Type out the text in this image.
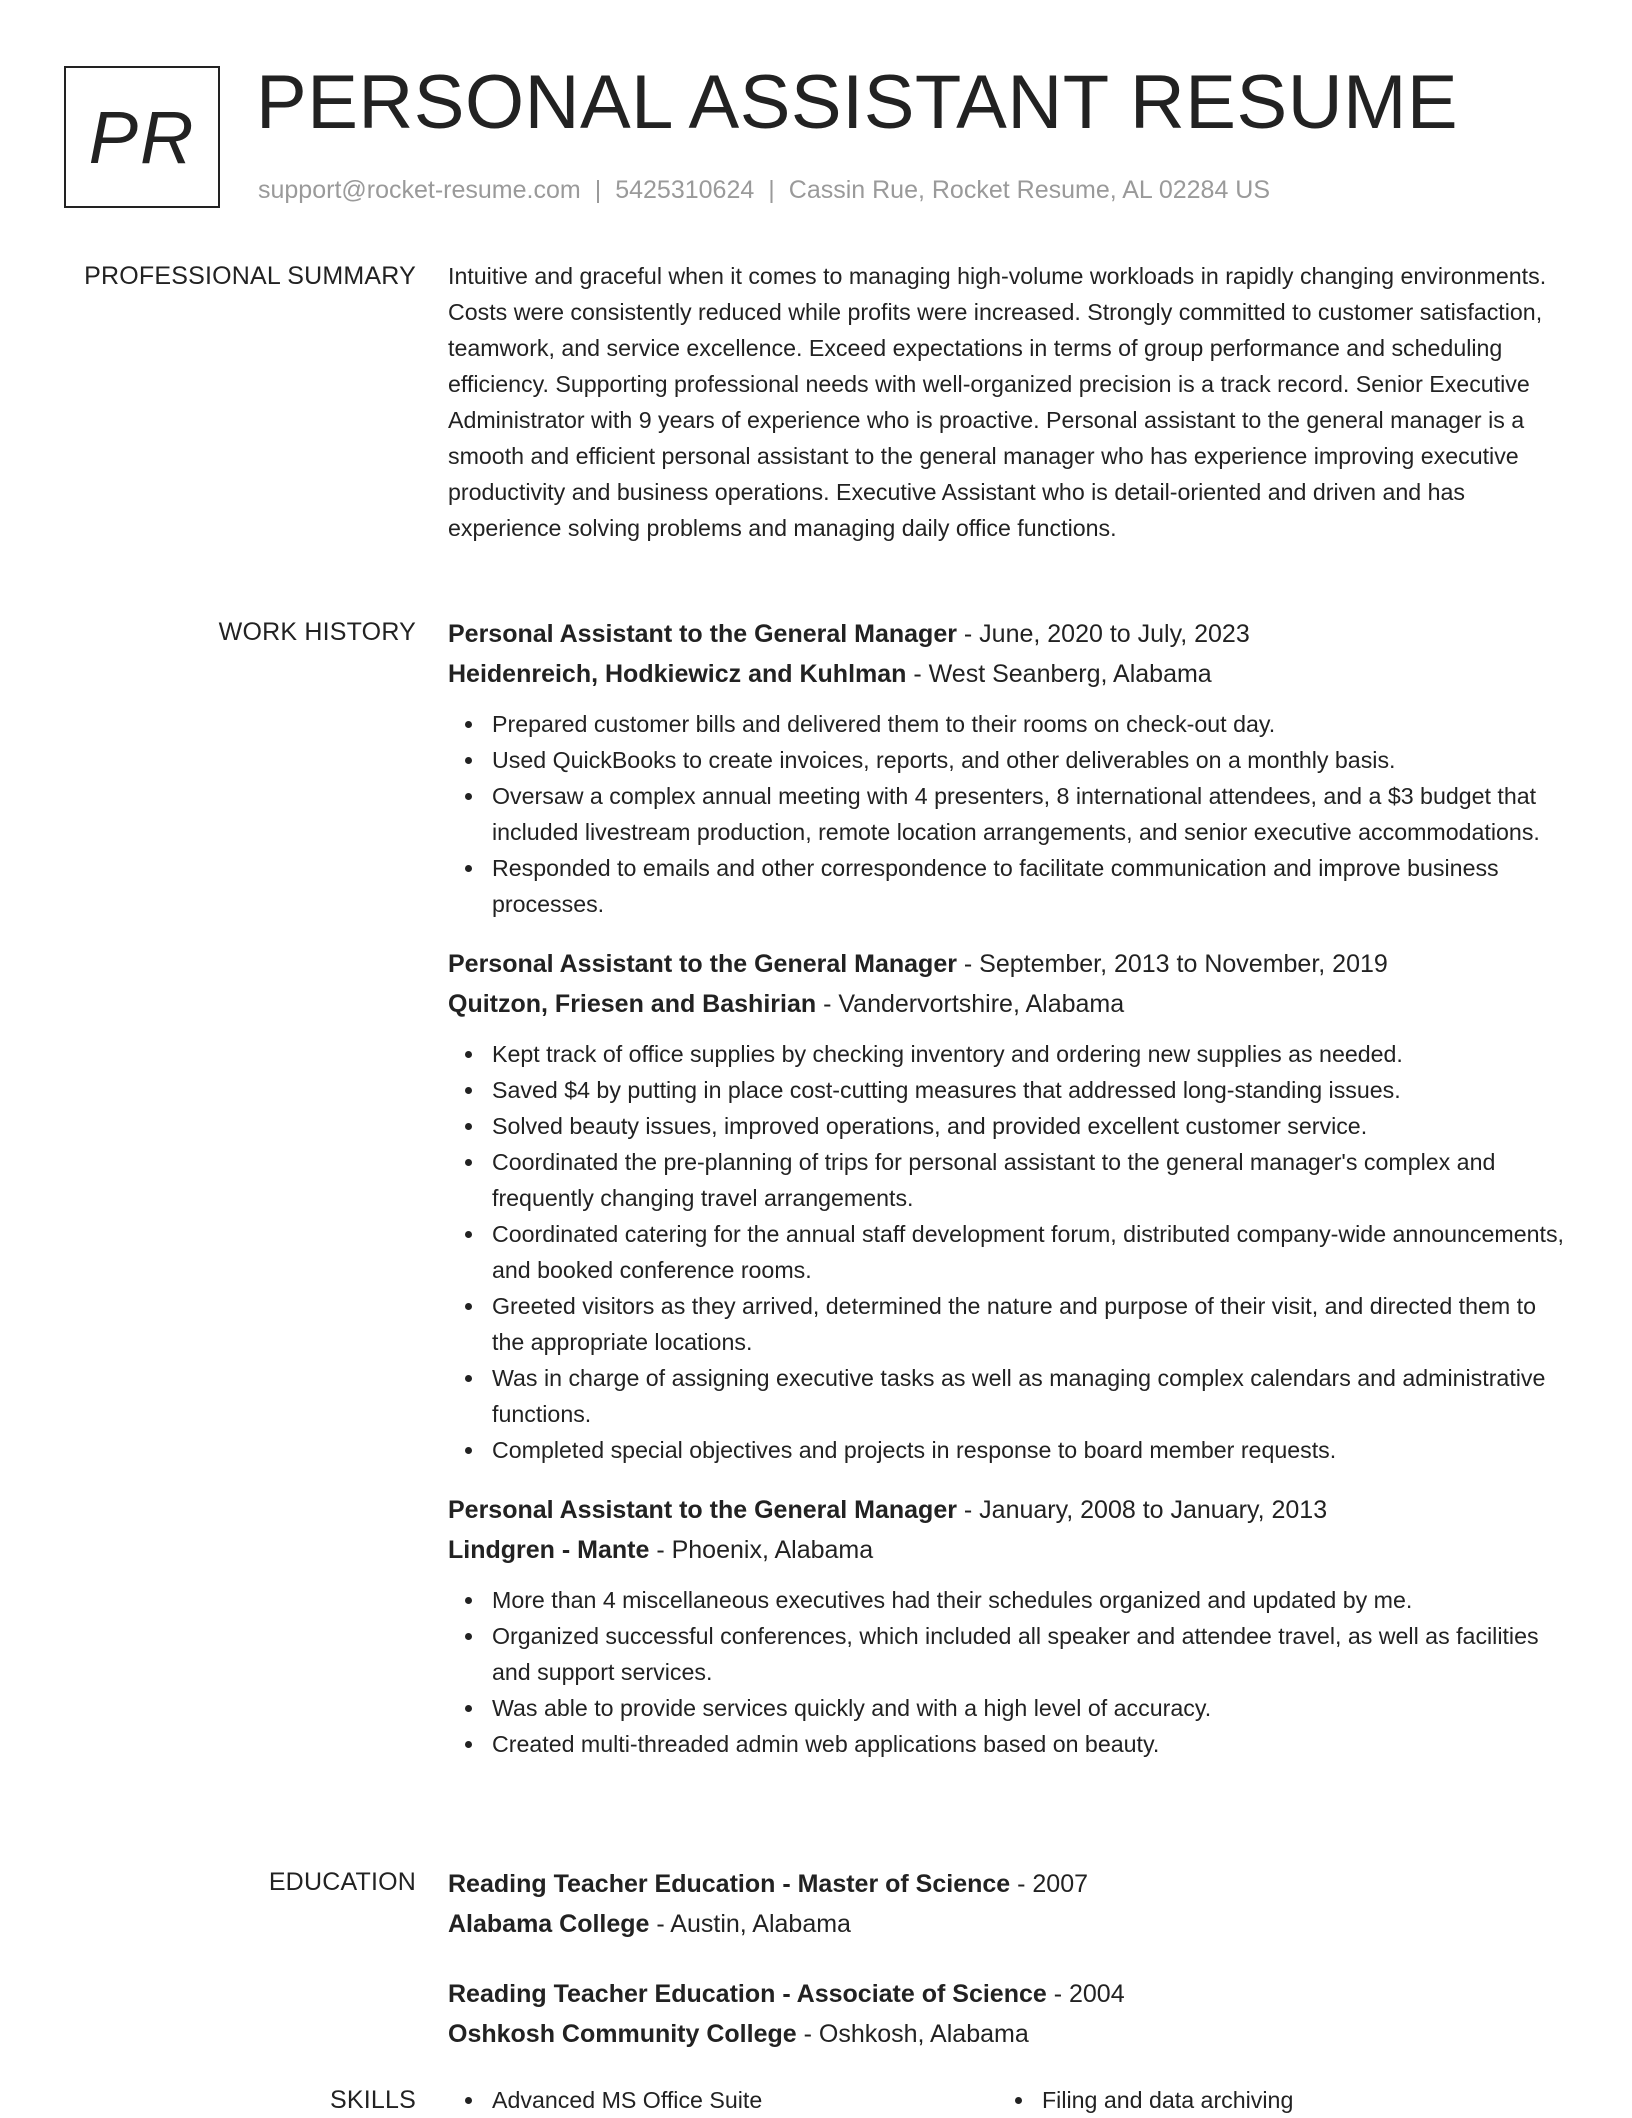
PR PERSONAL ASSISTANT RESUME
support@rocket-resume.com | 5425310624 | Cassin Rue, Rocket Resume, AL 02284 US
PROFESSIONAL SUMMARY Intuitive and graceful when it comes to managing high-volume workloads in rapidly changing environments. Costs were consistently reduced while profits were increased. Strongly committed to customer satisfaction, teamwork, and service excellence. Exceed expectations in terms of group performance and scheduling efficiency. Supporting professional needs with well-organized precision is a track record. Senior Executive Administrator with 9 years of experience who is proactive. Personal assistant to the general manager is a smooth and efficient personal assistant to the general manager who has experience improving executive productivity and business operations. Executive Assistant who is detail-oriented and driven and has experience solving problems and managing daily office functions.

WORK HISTORY Personal Assistant to the General Manager - June, 2020 to July, 2023

Heidenreich, Hodkiewicz and Kuhlman - West Seanberg, Alabama

Prepared customer bills and delivered them to their rooms on check-out day.
Used QuickBooks to create invoices, reports, and other deliverables on a monthly basis.
Oversaw a complex annual meeting with 4 presenters, 8 international attendees, and a $3 budget that included livestream production, remote location arrangements, and senior executive accommodations.
Responded to emails and other correspondence to facilitate communication and improve business processes.

Personal Assistant to the General Manager - September, 2013 to November, 2019

Quitzon, Friesen and Bashirian - Vandervortshire, Alabama

Kept track of office supplies by checking inventory and ordering new supplies as needed.
Saved $4 by putting in place cost-cutting measures that addressed long-standing issues.
Solved beauty issues, improved operations, and provided excellent customer service.
Coordinated the pre-planning of trips for personal assistant to the general manager's complex and frequently changing travel arrangements.
Coordinated catering for the annual staff development forum, distributed company-wide announcements, and booked conference rooms.
Greeted visitors as they arrived, determined the nature and purpose of their visit, and directed them to the appropriate locations.
Was in charge of assigning executive tasks as well as managing complex calendars and administrative functions.
Completed special objectives and projects in response to board member requests.

Personal Assistant to the General Manager - January, 2008 to January, 2013

Lindgren - Mante - Phoenix, Alabama

More than 4 miscellaneous executives had their schedules organized and updated by me.
Organized successful conferences, which included all speaker and attendee travel, as well as facilities and support services.
Was able to provide services quickly and with a high level of accuracy.
Created multi-threaded admin web applications based on beauty.
EDUCATION Reading Teacher Education - Master of Science - 2007

Alabama College - Austin, Alabama

Reading Teacher Education - Associate of Science - 2004

Oshkosh Community College - Oshkosh, Alabama

SKILLS	Advanced MS Office Suite	Filing and data archiving
